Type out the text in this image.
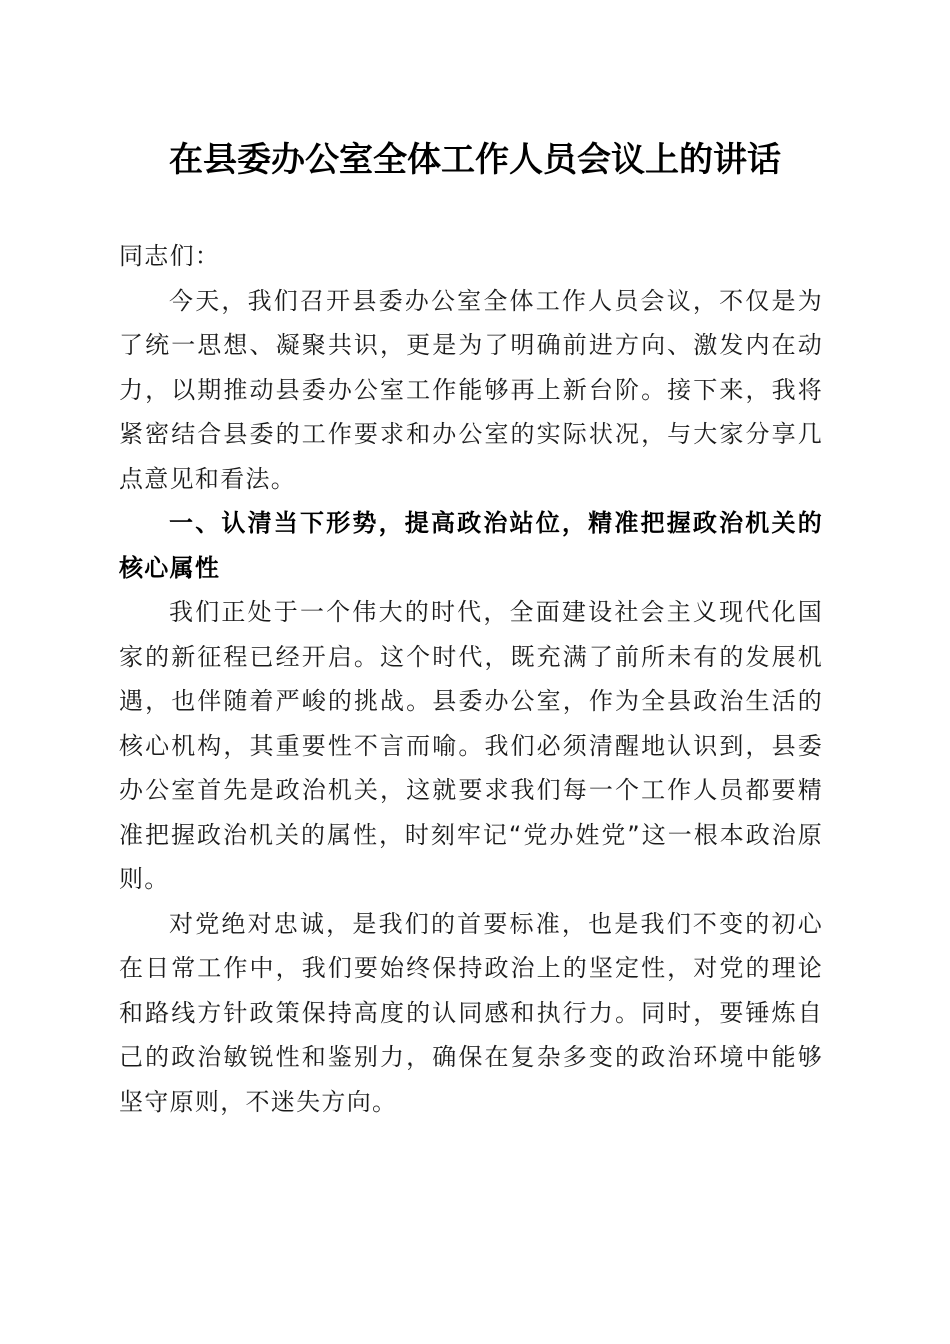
在县委办公室全体工作人员会议上的讲话

同志们：

今天，我们召开县委办公室全体工作人员会议，不仅是为了统一思想、凝聚共识，更是为了明确前进方向、激发内在动力，以期推动县委办公室工作能够再上新台阶。接下来，我将紧密结合县委的工作要求和办公室的实际状况，与大家分享几点意见和看法。

一、认清当下形势，提高政治站位，精准把握政治机关的核心属性

我们正处于一个伟大的时代，全面建设社会主义现代化国家的新征程已经开启。这个时代，既充满了前所未有的发展机遇，也伴随着严峻的挑战。县委办公室，作为全县政治生活的核心机构，其重要性不言而喻。我们必须清醒地认识到，县委办公室首先是政治机关，这就要求我们每一个工作人员都要精准把握政治机关的属性，时刻牢记“党办姓党”这一根本政治原则。

对党绝对忠诚，是我们的首要标准，也是我们不变的初心在日常工作中，我们要始终保持政治上的坚定性，对党的理论和路线方针政策保持高度的认同感和执行力。同时，要锤炼自己的政治敏锐性和鉴别力，确保在复杂多变的政治环境中能够坚守原则，不迷失方向。
